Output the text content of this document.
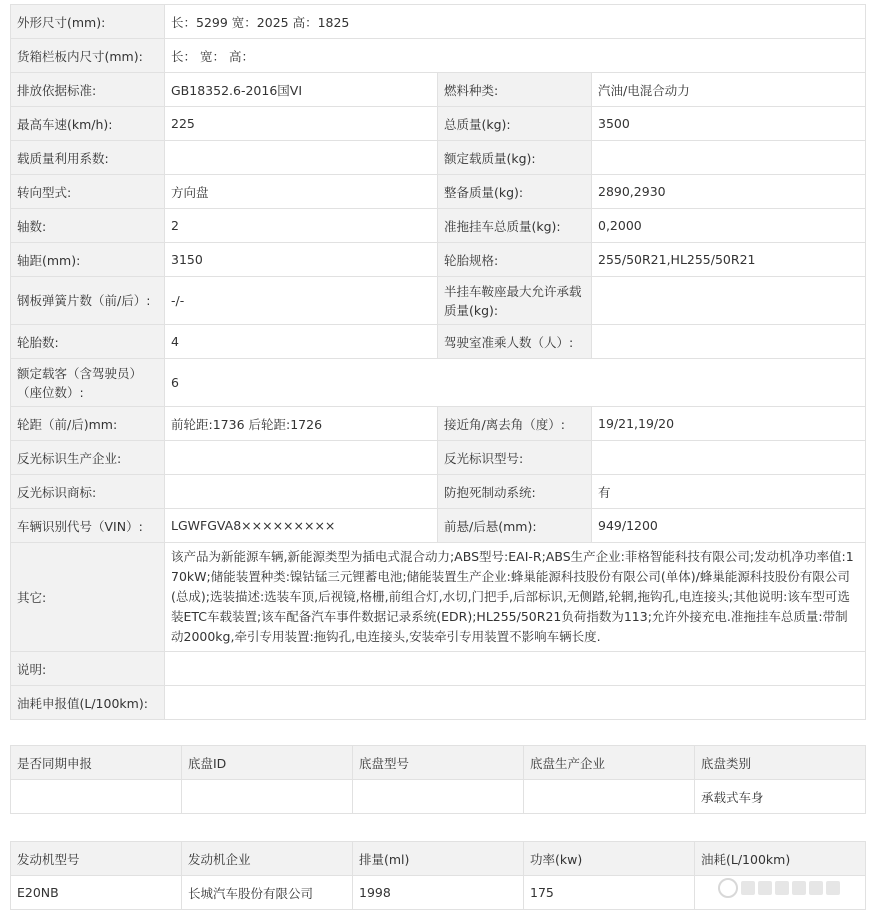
外形尺寸(mm):	长：5299 宽：2025 高：1825		
货箱栏板内尺寸(mm):	长： 宽： 高：		
排放依据标准:	GB18352.6-2016国VI	燃料种类:	汽油/电混合动力
最高车速(km/h):	225	总质量(kg):	3500
载质量利用系数:		额定载质量(kg):	
转向型式:	方向盘	整备质量(kg):	2890,2930
轴数:	2	准拖挂车总质量(kg):	0,2000
轴距(mm):	3150	轮胎规格:	255/50R21,HL255/50R21
钢板弹簧片数（前/后）:	-/-	半挂车鞍座最大允许承载质量(kg):	
轮胎数:	4	驾驶室准乘人数（人）:	
额定载客（含驾驶员）（座位数）:	6		
轮距（前/后)mm:	前轮距:1736 后轮距:1726	接近角/离去角（度）:	19/21,19/20
反光标识生产企业:		反光标识型号:	
反光标识商标:		防抱死制动系统:	有
车辆识别代号（VIN）:	LGWFGVA8×××××××××	前悬/后悬(mm):	949/1200
其它:	该产品为新能源车辆,新能源类型为插电式混合动力;ABS型号:EAI-R;ABS生产企业:菲格智能科技有限公司;发动机净功率值:170kW;储能装置种类:镍钴锰三元锂蓄电池;储能装置生产企业:蜂巢能源科技股份有限公司(单体)/蜂巢能源科技股份有限公司(总成);选装描述:选装车顶,后视镜,格栅,前组合灯,水切,门把手,后部标识,无侧踏,轮辋,拖钩孔,电连接头;其他说明:该车型可选装ETC车载装置;该车配备汽车事件数据记录系统(EDR);HL255/50R21负荷指数为113;允许外接充电.准拖挂车总质量:带制动2000kg,牵引专用装置:拖钩孔,电连接头,安装牵引专用装置不影响车辆长度.		
说明:			
油耗申报值(L/100km):			
是否同期申报	底盘ID	底盘型号	底盘生产企业	底盘类别
				承载式车身
发动机型号	发动机企业	排量(ml)	功率(kw)	油耗(L/100km)
E20NB	长城汽车股份有限公司	1998	175	
